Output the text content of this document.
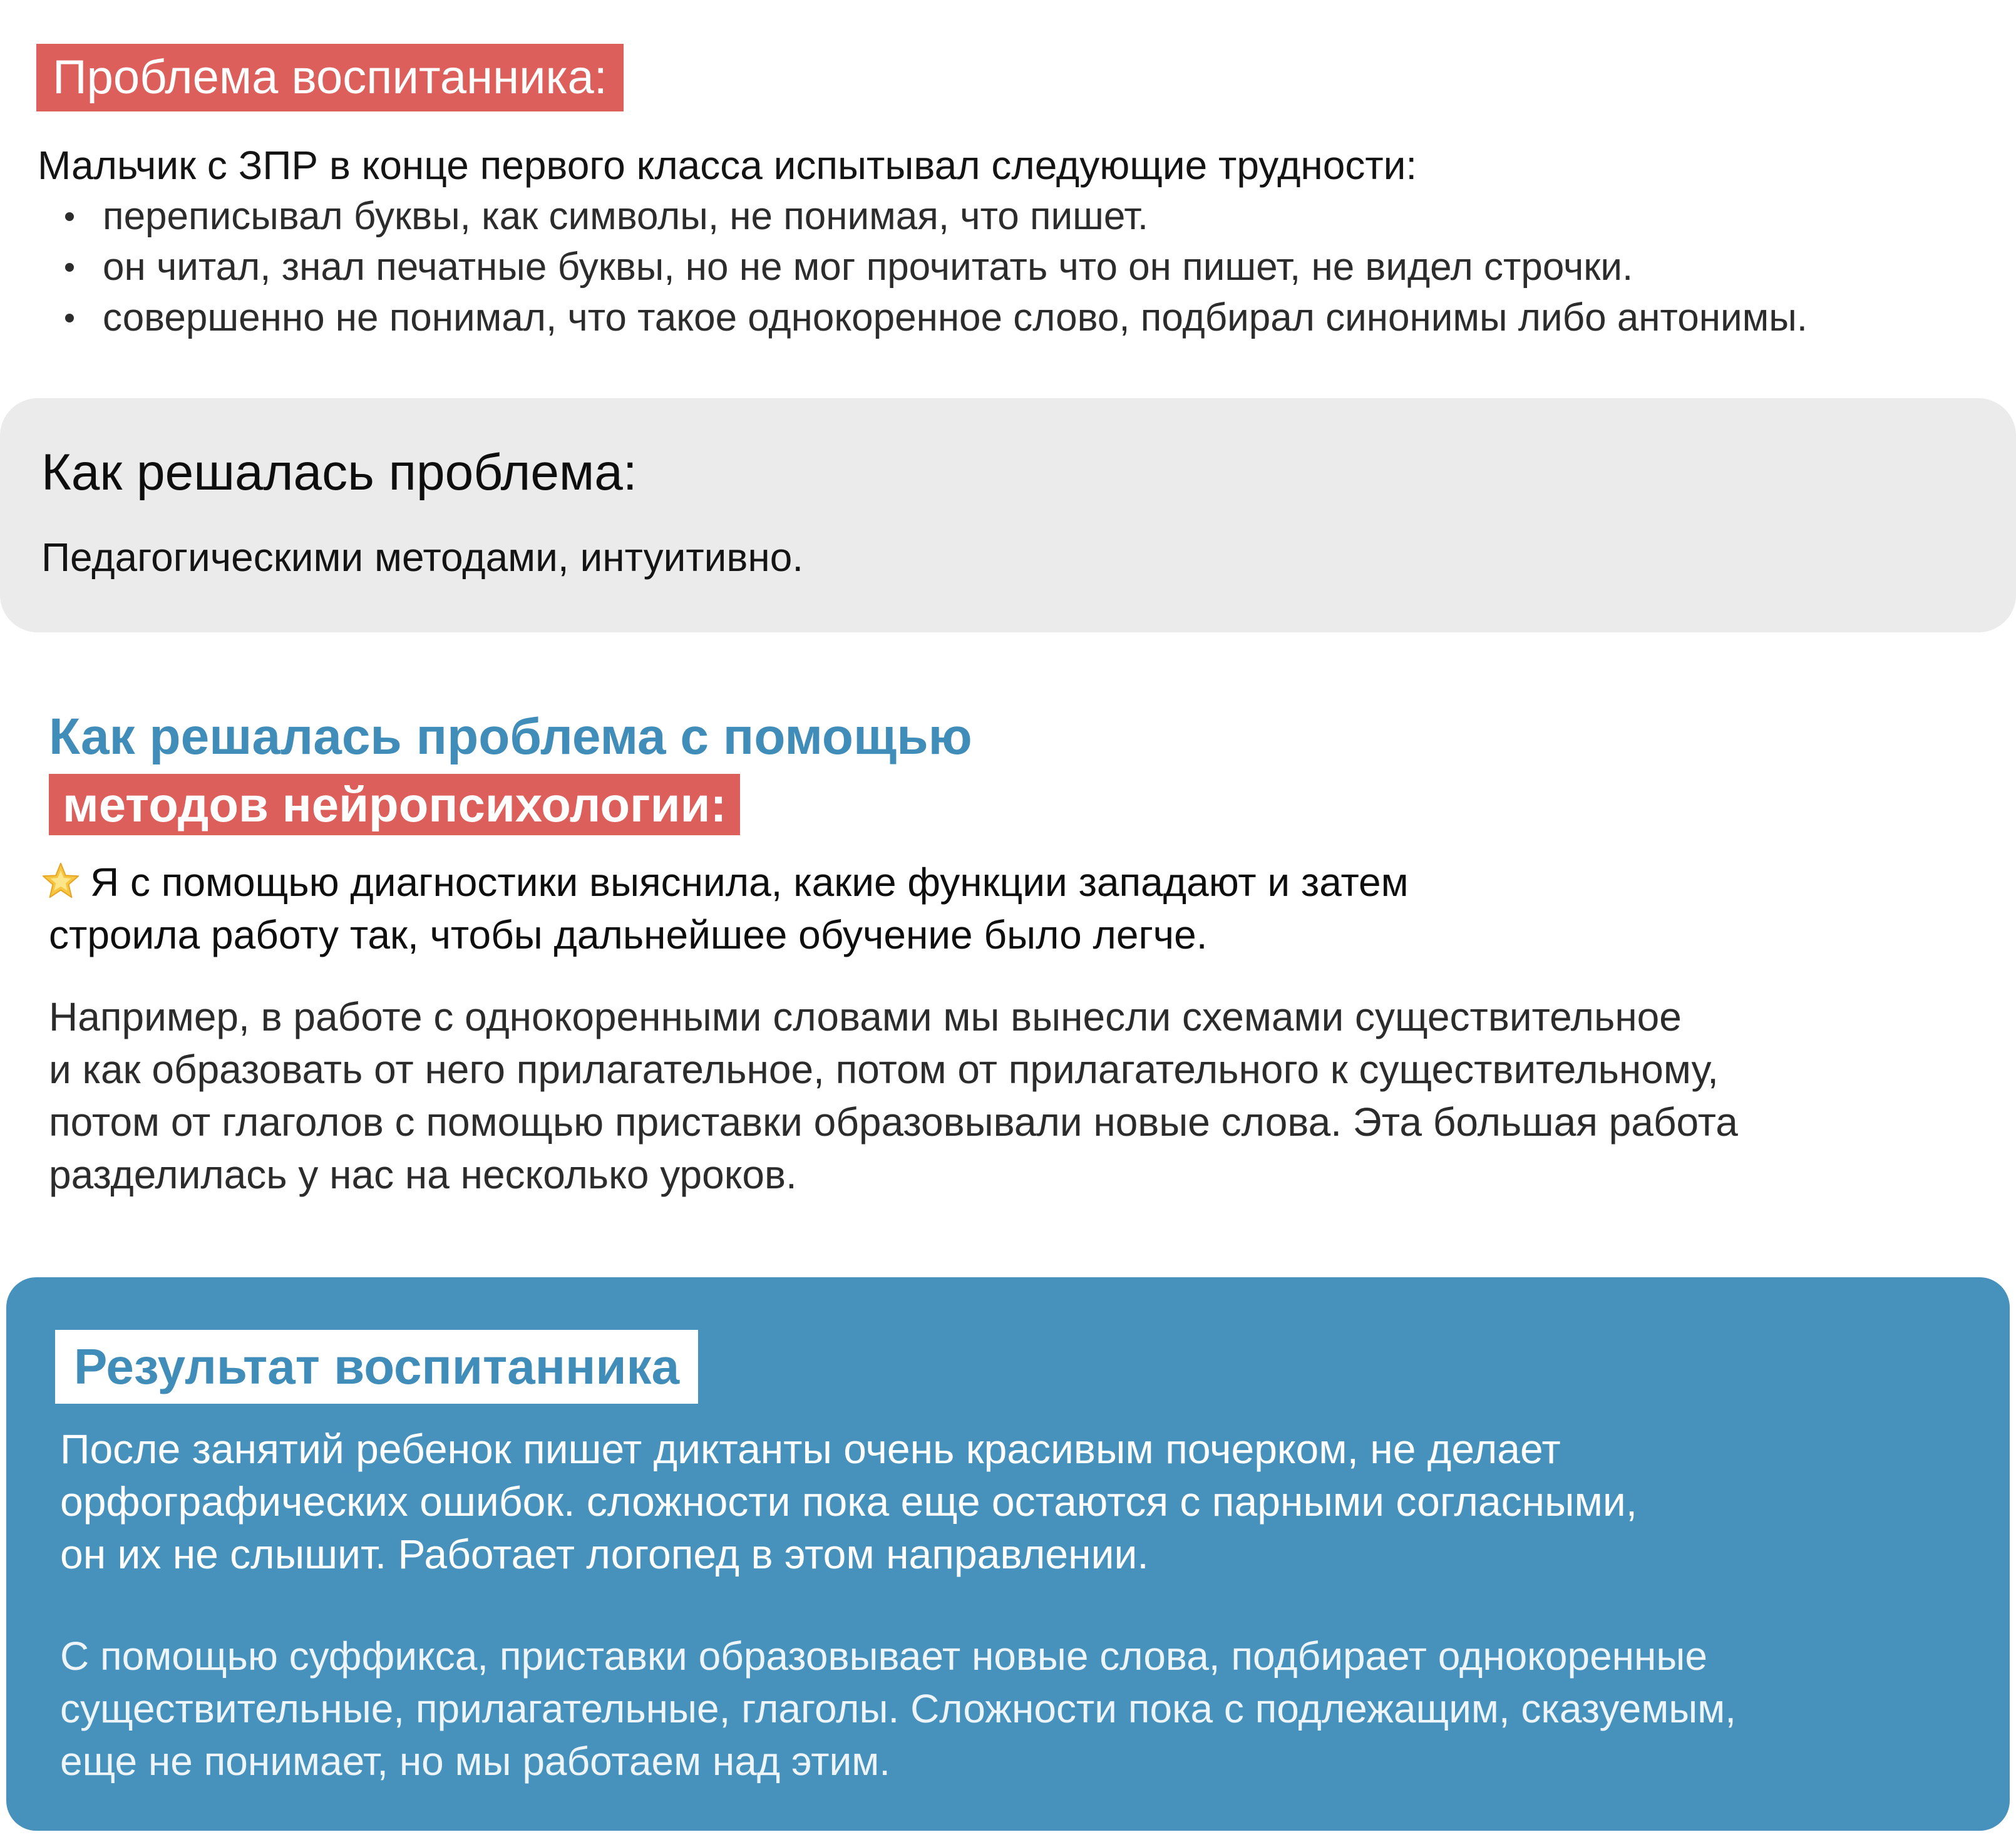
Проблема воспитанника:
Мальчик с ЗПР в конце первого класса испытывал следующие трудности:
переписывал буквы, как символы, не понимая, что пишет.
он читал, знал печатные буквы, но не мог прочитать что он пишет, не видел строчки.
совершенно не понимал, что такое однокоренное слово, подбирал синонимы либо антонимы.
Как решалась проблема:
Педагогическими методами, интуитивно.
Как решалась проблема с помощью
методов нейропсихологии:
Я с помощью диагностики выяснила, какие функции западают и затем
строила работу так, чтобы дальнейшее обучение было легче.
Например, в работе с однокоренными словами мы вынесли схемами существительное
и как образовать от него прилагательное, потом от прилагательного к существительному,
потом от глаголов с помощью приставки образовывали новые слова. Эта большая работа
разделилась у нас на несколько уроков.
Результат воспитанника
После занятий ребенок пишет диктанты очень красивым почерком, не делает
орфографических ошибок. сложности пока еще остаются с парными согласными,
он их не слышит. Работает логопед в этом направлении.
С помощью суффикса, приставки образовывает новые слова, подбирает однокоренные
существительные, прилагательные, глаголы. Сложности пока с подлежащим, сказуемым,
еще не понимает, но мы работаем над этим.
